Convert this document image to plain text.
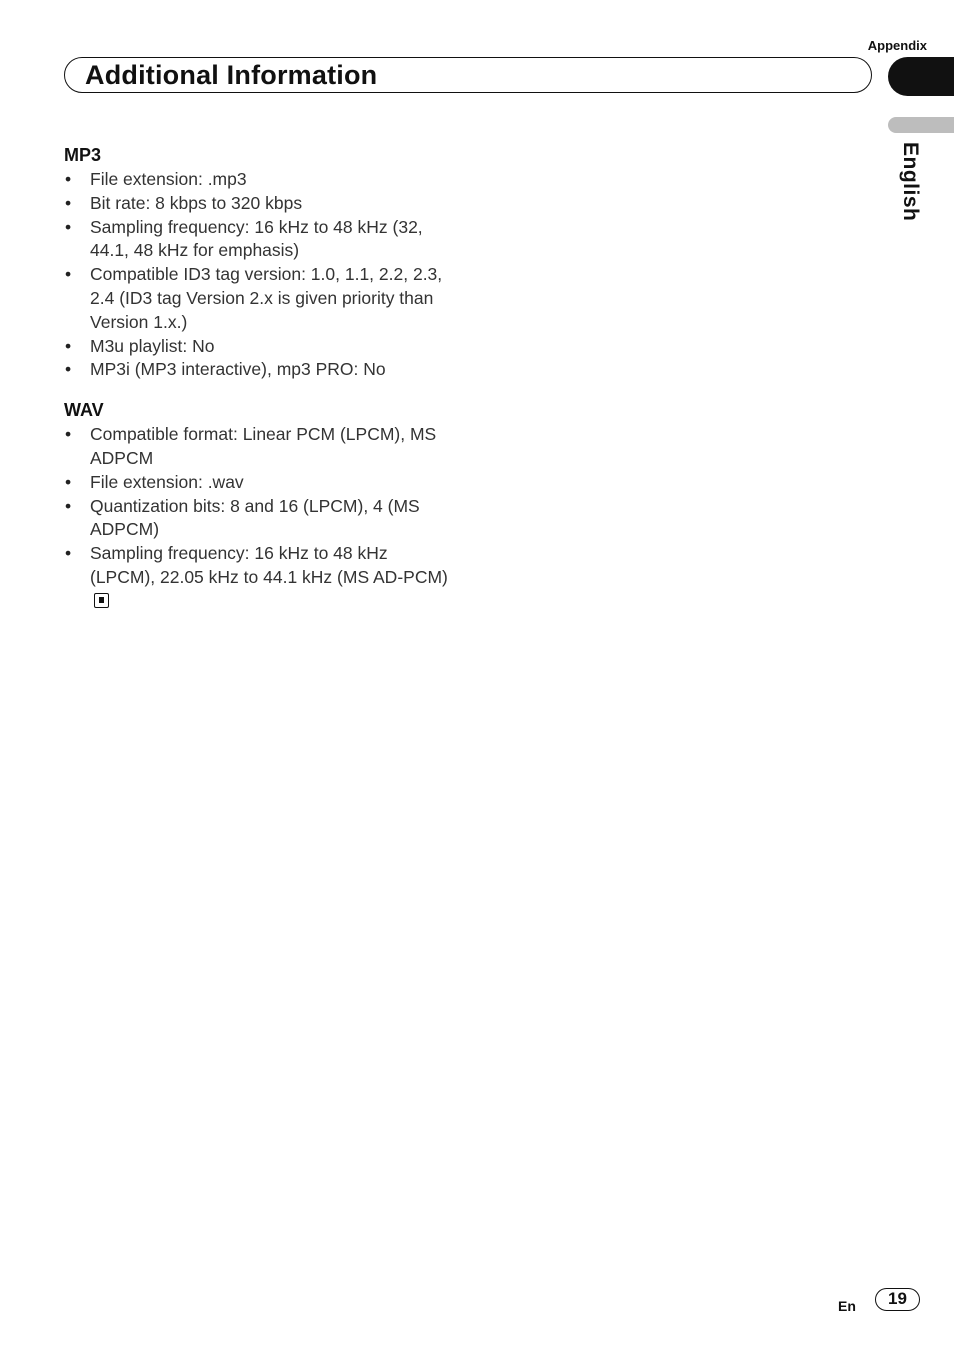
Appendix
Additional Information
English
MP3
• File extension: .mp3
• Bit rate: 8 kbps to 320 kbps
• Sampling frequency: 16 kHz to 48 kHz (32, 44.1, 48 kHz for emphasis)
• Compatible ID3 tag version: 1.0, 1.1, 2.2, 2.3, 2.4 (ID3 tag Version 2.x is given priority than Version 1.x.)
• M3u playlist: No
• MP3i (MP3 interactive), mp3 PRO: No
WAV
• Compatible format: Linear PCM (LPCM), MS ADPCM
• File extension: .wav
• Quantization bits: 8 and 16 (LPCM), 4 (MS ADPCM)
• Sampling frequency: 16 kHz to 48 kHz (LPCM), 22.05 kHz to 44.1 kHz (MS AD-PCM)
En	19
